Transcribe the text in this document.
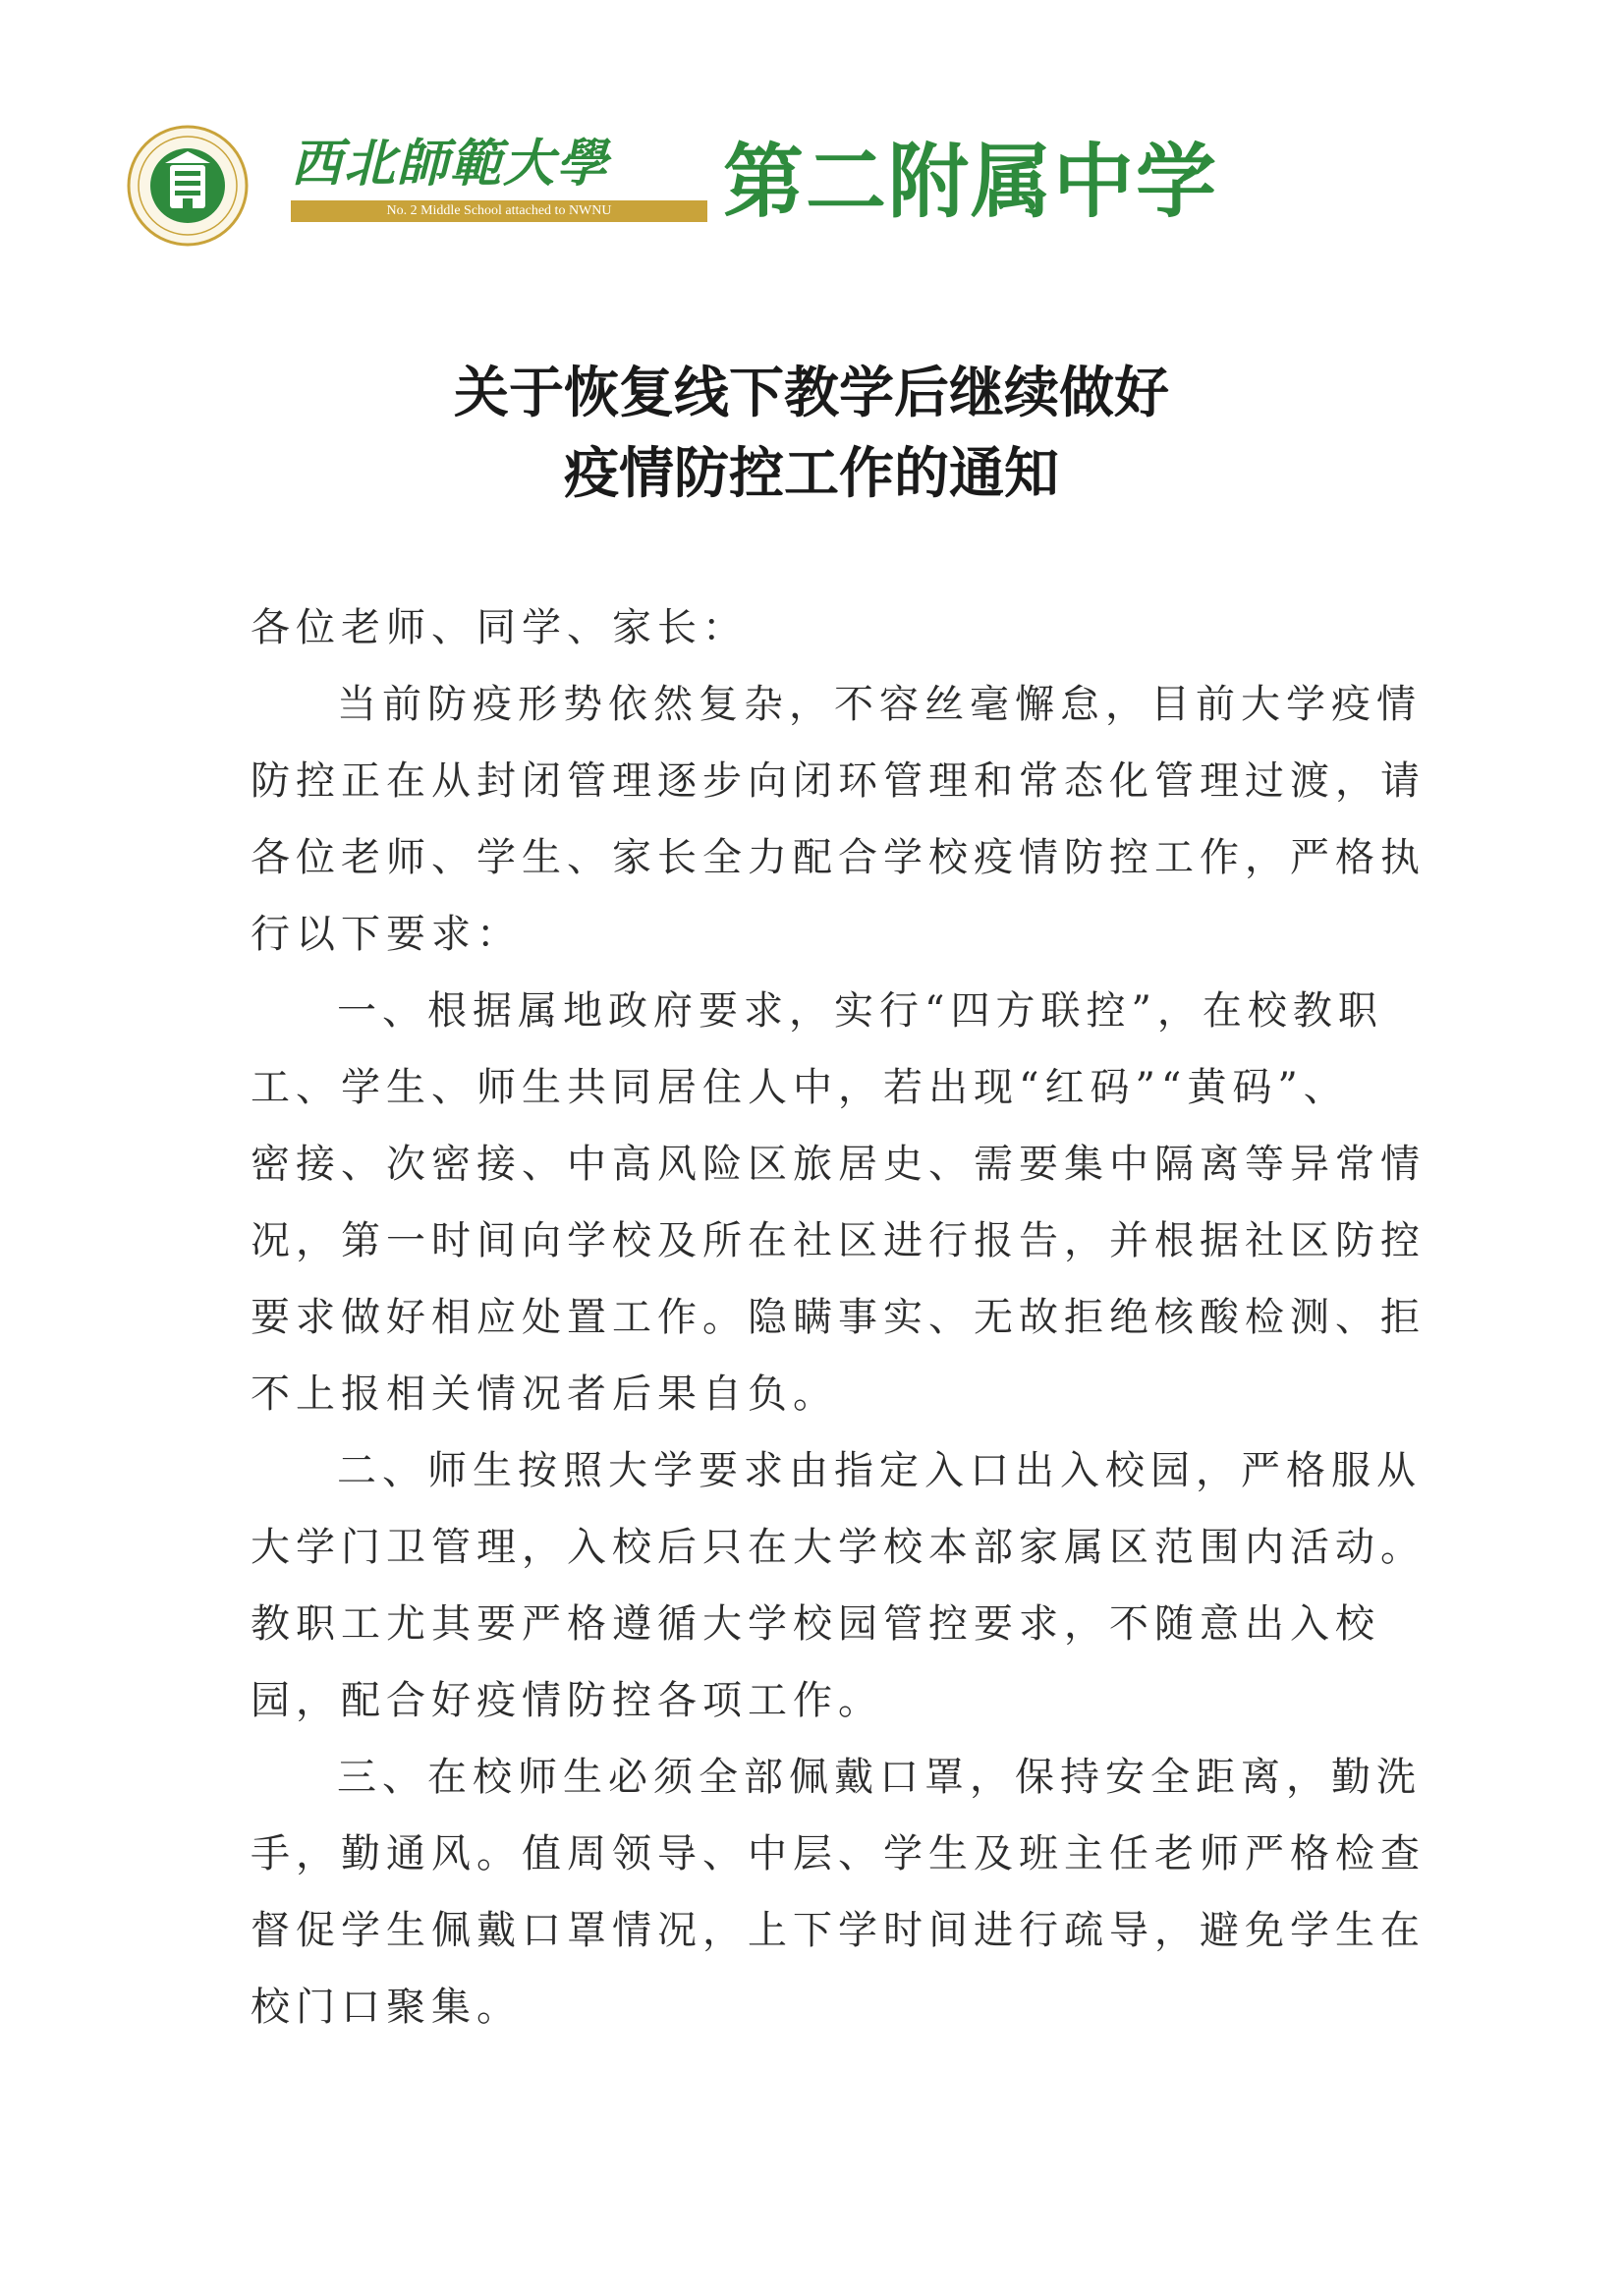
西北師範大學
No. 2 Middle School attached to NWNU	第二附属中学
关于恢复线下教学后继续做好
疫情防控工作的通知
各位老师、同学、家长：
当前防疫形势依然复杂，不容丝毫懈怠，目前大学疫情
防控正在从封闭管理逐步向闭环管理和常态化管理过渡，请
各位老师、学生、家长全力配合学校疫情防控工作，严格执
行以下要求：
一、根据属地政府要求，实行“四方联控”，在校教职
工、学生、师生共同居住人中，若出现“红码”“黄码”、
密接、次密接、中高风险区旅居史、需要集中隔离等异常情
况，第一时间向学校及所在社区进行报告，并根据社区防控
要求做好相应处置工作。隐瞒事实、无故拒绝核酸检测、拒
不上报相关情况者后果自负。
二、师生按照大学要求由指定入口出入校园，严格服从
大学门卫管理，入校后只在大学校本部家属区范围内活动。
教职工尤其要严格遵循大学校园管控要求，不随意出入校
园，配合好疫情防控各项工作。
三、在校师生必须全部佩戴口罩，保持安全距离，勤洗
手，勤通风。值周领导、中层、学生及班主任老师严格检查
督促学生佩戴口罩情况，上下学时间进行疏导，避免学生在
校门口聚集。
